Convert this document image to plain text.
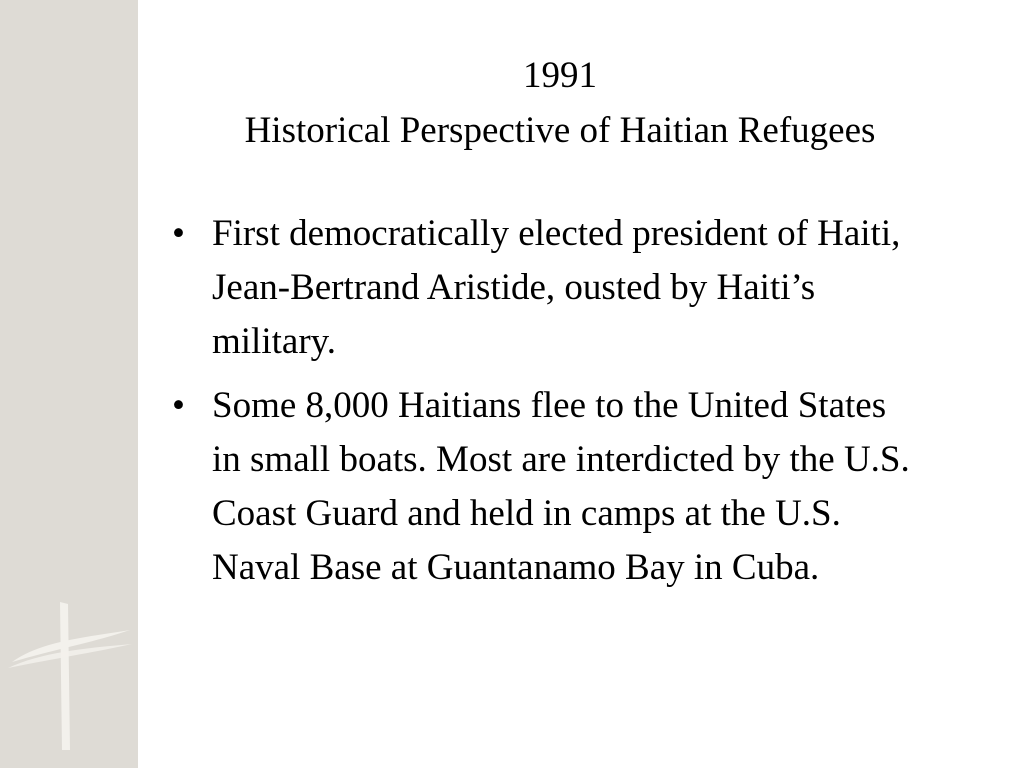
1991
Historical Perspective of Haitian Refugees
• First democratically elected president of Haiti, Jean-Bertrand Aristide, ousted by Haiti’s military.
• Some 8,000 Haitians flee to the United States in small boats. Most are interdicted by the U.S. Coast Guard and held in camps at the U.S. Naval Base at Guantanamo Bay in Cuba.
